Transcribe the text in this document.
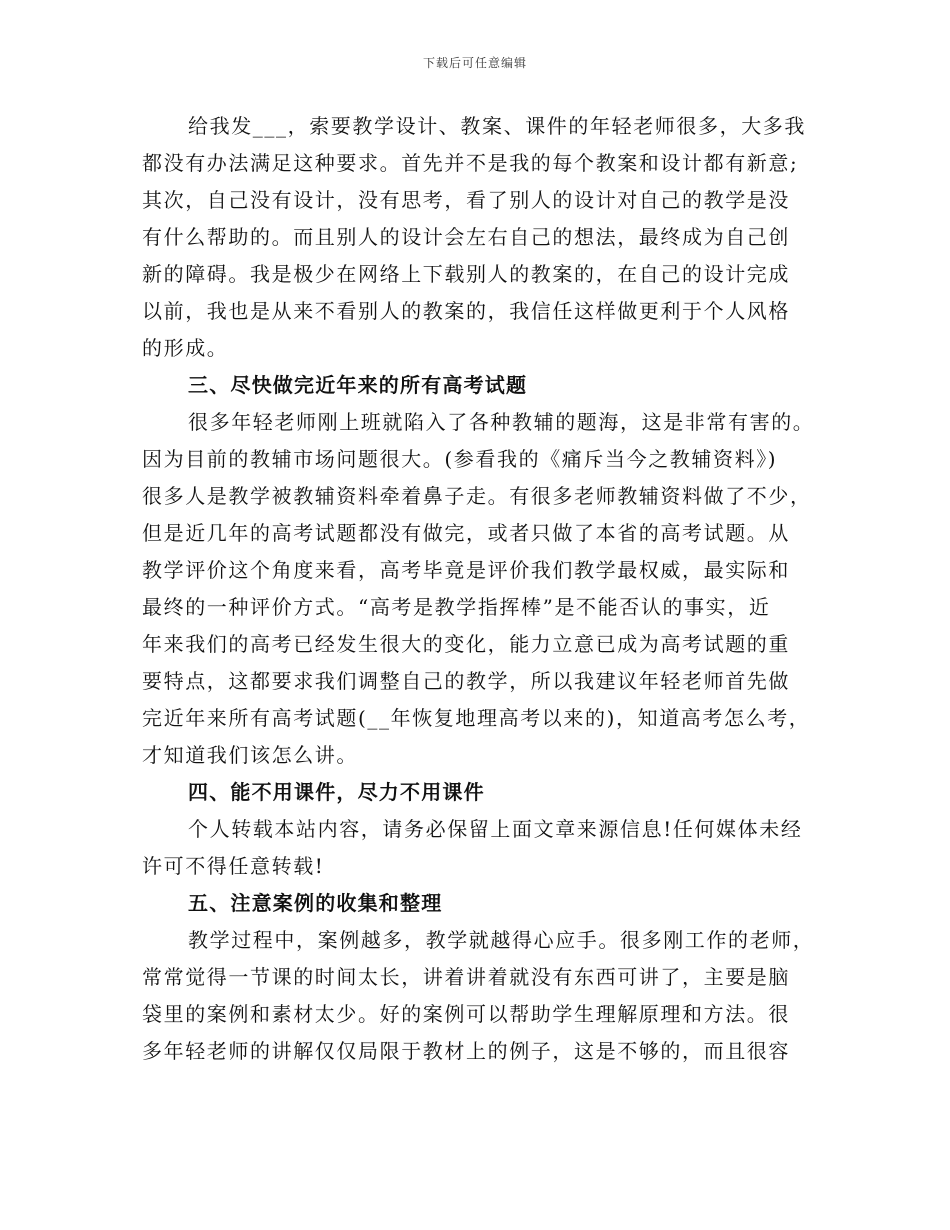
下载后可任意编辑
给我发___，索要教学设计、教案、课件的年轻老师很多，大多我
都没有办法满足这种要求。首先并不是我的每个教案和设计都有新意;
其次，自己没有设计，没有思考，看了别人的设计对自己的教学是没
有什么帮助的。而且别人的设计会左右自己的想法，最终成为自己创
新的障碍。我是极少在网络上下载别人的教案的，在自己的设计完成
以前，我也是从来不看别人的教案的，我信任这样做更利于个人风格
的形成。
三、尽快做完近年来的所有高考试题
很多年轻老师刚上班就陷入了各种教辅的题海，这是非常有害的。
因为目前的教辅市场问题很大。(参看我的《痛斥当今之教辅资料》)
很多人是教学被教辅资料牵着鼻子走。有很多老师教辅资料做了不少，
但是近几年的高考试题都没有做完，或者只做了本省的高考试题。从
教学评价这个角度来看，高考毕竟是评价我们教学最权威，最实际和
最终的一种评价方式。“高考是教学指挥棒”是不能否认的事实，近
年来我们的高考已经发生很大的变化，能力立意已成为高考试题的重
要特点，这都要求我们调整自己的教学，所以我建议年轻老师首先做
完近年来所有高考试题(__年恢复地理高考以来的)，知道高考怎么考，
才知道我们该怎么讲。
四、能不用课件，尽力不用课件
个人转载本站内容，请务必保留上面文章来源信息!任何媒体未经
许可不得任意转载!
五、注意案例的收集和整理
教学过程中，案例越多，教学就越得心应手。很多刚工作的老师，
常常觉得一节课的时间太长，讲着讲着就没有东西可讲了，主要是脑
袋里的案例和素材太少。好的案例可以帮助学生理解原理和方法。很
多年轻老师的讲解仅仅局限于教材上的例子，这是不够的，而且很容
